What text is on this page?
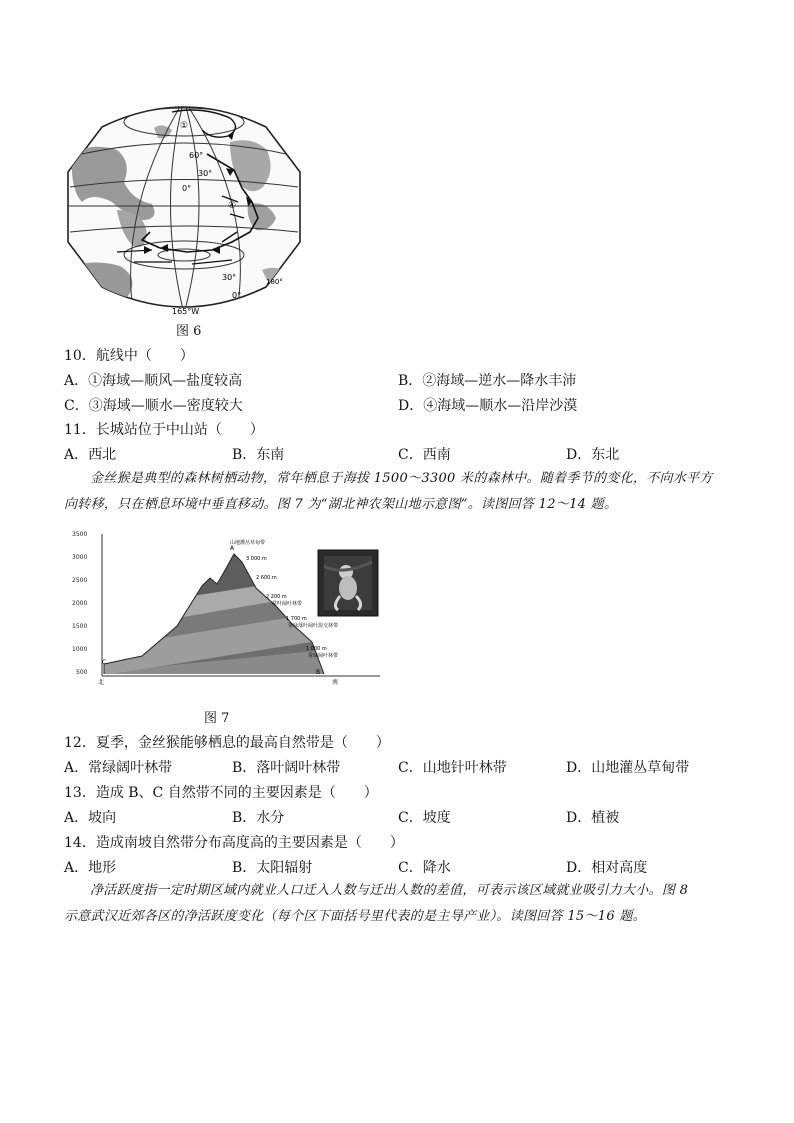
60°
30°
0°
30°
0°
165°W
180°
④
①
图 6
10．航线中（　　）
A．①海域—顺风—盐度较高	B．②海域—逆水—降水丰沛
C．③海域—顺水—密度较大	D．④海域—顺水—沿岸沙漠
11．长城站位于中山站（　　）
A．西北	B．东南	C．西南	D．东北
金丝猴是典型的森林树栖动物，常年栖息于海拔 1500～3300 米的森林中。随着季节的变化，不向水平方
向转移，只在栖息环境中垂直移动。图 7 为“湖北神农架山地示意图”。读图回答 12～14 题。
3500
3000
2500
2000
1500
1000
500
A
B
C
北	南
山地灌丛草甸带
3 000 m
2 600 m
2 200 m
常叶阔叶林带
1 700 m
常绿落叶阔叶混交林带
1 000 m
常绿阔叶林带
图 7
12．夏季，金丝猴能够栖息的最高自然带是（　　）
A．常绿阔叶林带	B．落叶阔叶林带	C．山地针叶林带	D．山地灌丛草甸带
13．造成 B、C 自然带不同的主要因素是（　　）
A．坡向	B．水分	C．坡度	D．植被
14．造成南坡自然带分布高度高的主要因素是（　　）
A．地形	B．太阳辐射	C．降水	D．相对高度
净活跃度指一定时期区域内就业人口迁入人数与迁出人数的差值，可表示该区域就业吸引力大小。图 8
示意武汉近郊各区的净活跃度变化（每个区下面括号里代表的是主导产业）。读图回答 15～16 题。
